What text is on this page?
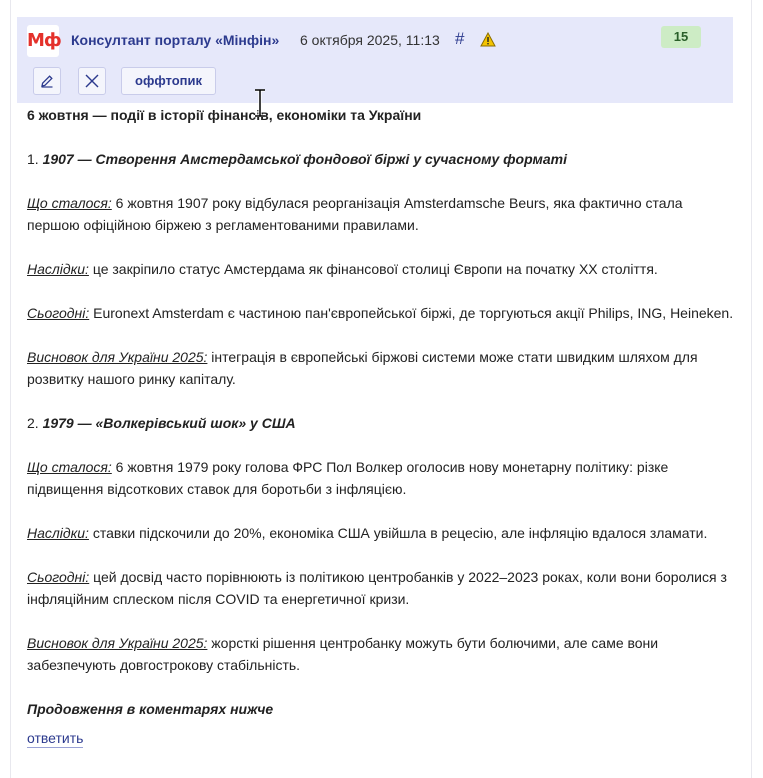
Мф Консултант порталу «Мінфін» 6 октября 2025, 11:13 #	15
оффтопик

6 жовтня — події в історії фінансів, економіки та України

1. 1907 — Створення Амстердамської фондової біржі у сучасному форматі

Що сталося: 6 жовтня 1907 року відбулася реорганізація Amsterdamsche Beurs, яка фактично стала першою офіційною біржею з регламентованими правилами.

Наслідки: це закріпило статус Амстердама як фінансової столиці Європи на початку XX століття.

Сьогодні: Euronext Amsterdam є частиною пан'європейської біржі, де торгуються акції Philips, ING, Heineken.

Висновок для України 2025: інтеграція в європейські біржові системи може стати швидким шляхом для розвитку нашого ринку капіталу.

2. 1979 — «Волкерівський шок» у США

Що сталося: 6 жовтня 1979 року голова ФРС Пол Волкер оголосив нову монетарну політику: різке підвищення відсоткових ставок для боротьби з інфляцією.

Наслідки: ставки підскочили до 20%, економіка США увійшла в рецесію, але інфляцію вдалося зламати.

Сьогодні: цей досвід часто порівнюють із політикою центробанків у 2022–2023 роках, коли вони боролися з інфляційним сплеском після COVID та енергетичної кризи.

Висновок для України 2025: жорсткі рішення центробанку можуть бути болючими, але саме вони забезпечують довгострокову стабільність.

Продовження в коментарях нижче

ответить
